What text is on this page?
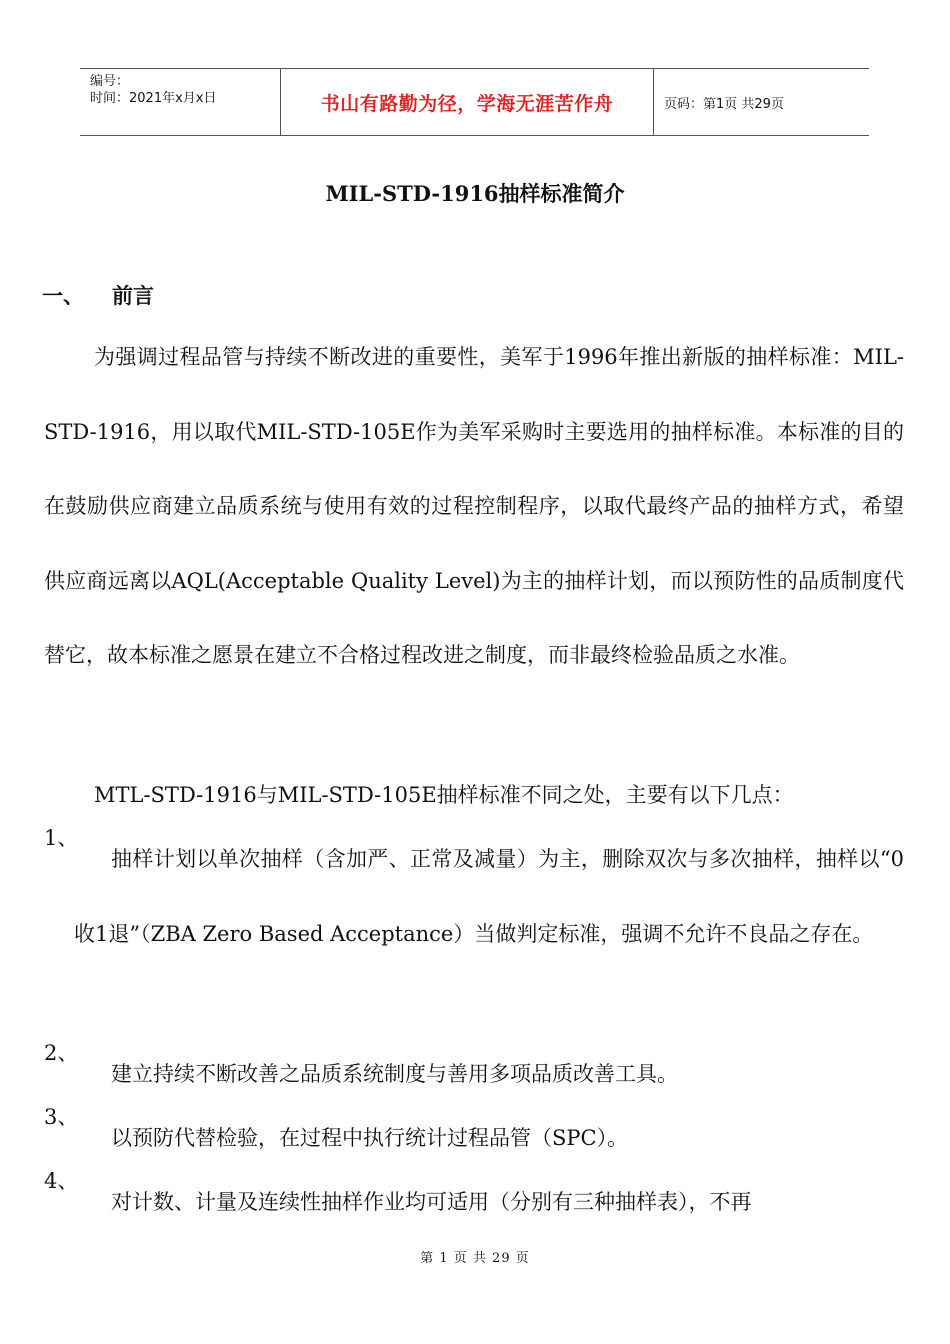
编号：
时间：2021年x月x日	书山有路勤为径，学海无涯苦作舟	页码：第1页 共29页
MIL-STD-1916抽样标准简介
一、 前言

为强调过程品管与持续不断改进的重要性，美军于1996年推出新版的抽样标准：MIL-STD-1916，用以取代MIL-STD-105E作为美军采购时主要选用的抽样标准。本标准的目的在鼓励供应商建立品质系统与使用有效的过程控制程序，以取代最终产品的抽样方式，希望供应商远离以AQL(Acceptable Quality Level)为主的抽样计划，而以预防性的品质制度代替它，故本标准之愿景在建立不合格过程改进之制度，而非最终检验品质之水准。

MTL-STD-1916与MIL-STD-105E抽样标准不同之处，主要有以下几点：

1、
抽样计划以单次抽样（含加严、正常及减量）为主，删除双次与多次抽样，抽样以“0收1退”（ZBA Zero Based Acceptance）当做判定标准，强调不允许不良品之存在。
2、
建立持续不断改善之品质系统制度与善用多项品质改善工具。
3、
以预防代替检验，在过程中执行统计过程品管（SPC）。
4、
对计数、计量及连续性抽样作业均可适用（分别有三种抽样表），不再
第 1 页 共 29 页
